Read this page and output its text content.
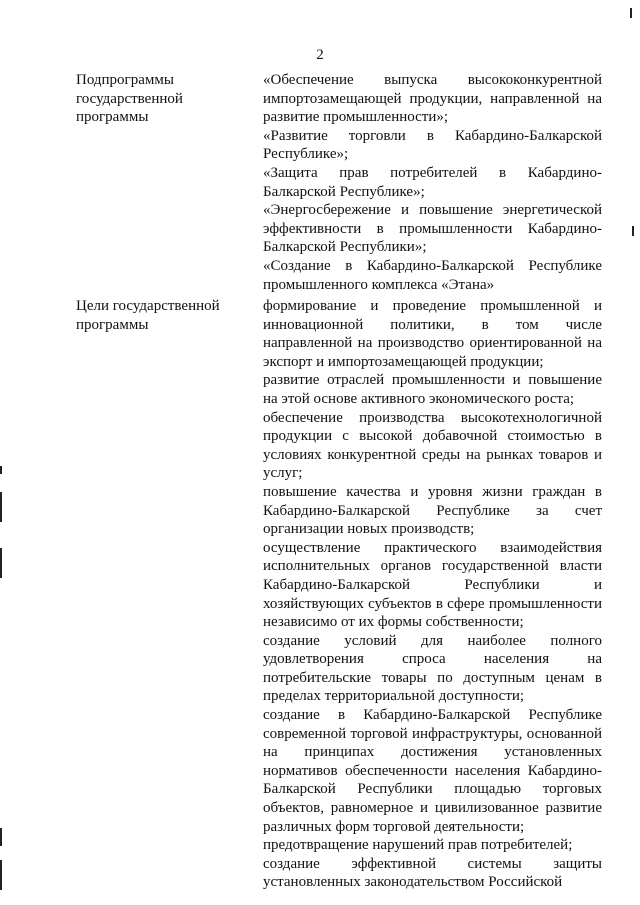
2
Подпрограммы государственной программы

«Обеспечение выпуска высококонкурентной импортозамещающей продукции, направленной на развитие промышленности»;

«Развитие торговли в Кабардино-Балкарской Республике»;

«Защита прав потребителей в Кабардино-Балкарской Республике»;

«Энергосбережение и повышение энергетической эффективности в промышленности Кабардино-Балкарской Республики»;

«Создание в Кабардино-Балкарской Республике промышленного комплекса «Этана»

Цели государственной программы

формирование и проведение промышленной и инновационной политики, в том числе направленной на производство ориентированной на экспорт и импортозамещающей продукции;

развитие отраслей промышленности и повышение на этой основе активного экономического роста;

обеспечение производства высокотехнологичной продукции с высокой добавочной стоимостью в условиях конкурентной среды на рынках товаров и услуг;

повышение качества и уровня жизни граждан в Кабардино-Балкарской Республике за счет организации новых производств;

осуществление практического взаимодействия исполнительных органов государственной власти Кабардино-Балкарской Республики и хозяйствующих субъектов в сфере промышленности независимо от их формы собственности;

создание условий для наиболее полного удовлетворения спроса населения на потребительские товары по доступным ценам в пределах территориальной доступности;

создание в Кабардино-Балкарской Республике современной торговой инфраструктуры, основанной на принципах достижения установленных нормативов обеспеченности населения Кабардино-Балкарской Республики площадью торговых объектов, равномерное и цивилизованное развитие различных форм торговой деятельности;

предотвращение нарушений прав потребителей;

создание эффективной системы защиты установленных законодательством Российской
